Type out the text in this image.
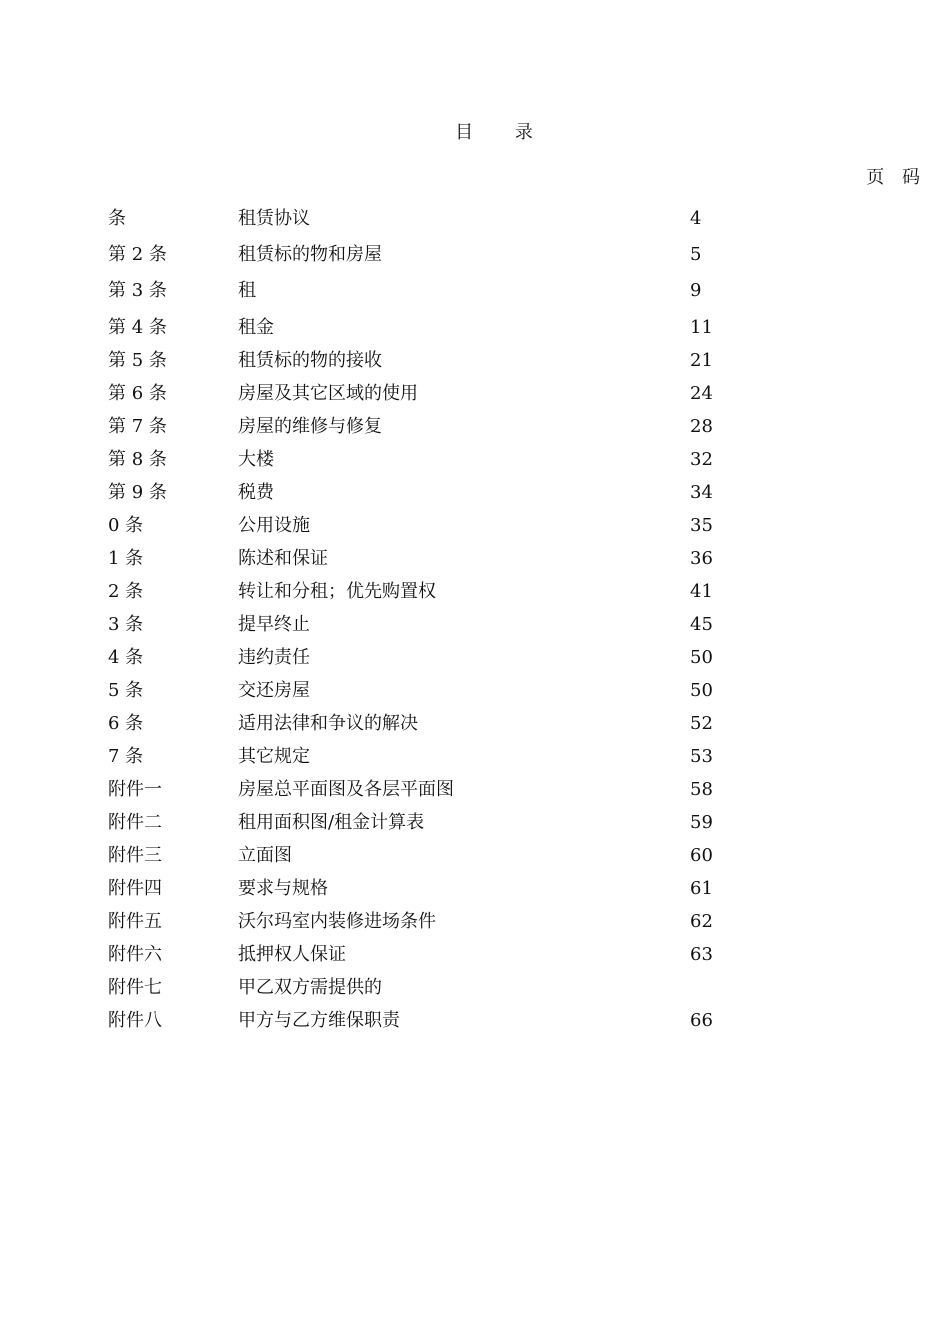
目 录
页 码
条	租赁协议	4
第 2 条	租赁标的物和房屋	5
第 3 条	租	9
第 4 条	租金	11
第 5 条	租赁标的物的接收	21
第 6 条	房屋及其它区域的使用	24
第 7 条	房屋的维修与修复	28
第 8 条	大楼	32
第 9 条	税费	34
0 条	公用设施	35
1 条	陈述和保证	36
2 条	转让和分租；优先购置权	41
3 条	提早终止	45
4 条	违约责任	50
5 条	交还房屋	50
6 条	适用法律和争议的解决	52
7 条	其它规定	53
附件一	房屋总平面图及各层平面图	58
附件二	租用面积图/租金计算表	59
附件三	立面图	60
附件四	要求与规格	61
附件五	沃尔玛室内装修进场条件	62
附件六	抵押权人保证	63
附件七	甲乙双方需提供的
附件八	甲方与乙方维保职责	66
